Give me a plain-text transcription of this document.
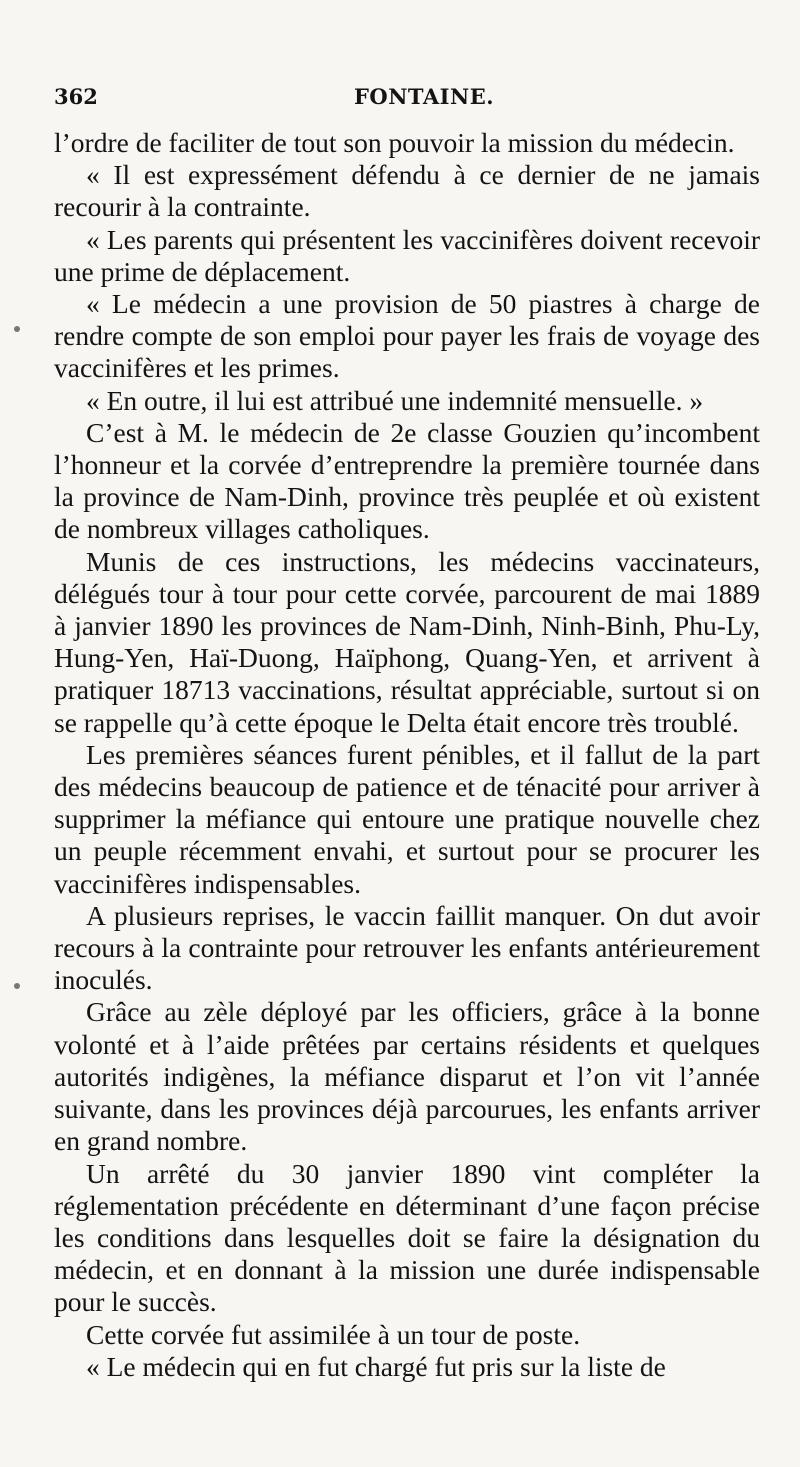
362	FONTAINE.

l’ordre de faciliter de tout son pouvoir la mission du médecin.

« Il est expressément défendu à ce dernier de ne jamais recourir à la contrainte.

« Les parents qui présentent les vaccinifères doivent recevoir une prime de déplacement.

« Le médecin a une provision de 50 piastres à charge de rendre compte de son emploi pour payer les frais de voyage des vaccinifères et les primes.

« En outre, il lui est attribué une indemnité mensuelle. »

C’est à M. le médecin de 2e classe Gouzien qu’incombent l’honneur et la corvée d’entreprendre la première tournée dans la province de Nam-Dinh, province très peuplée et où existent de nombreux villages catholiques.

Munis de ces instructions, les médecins vaccinateurs, délégués tour à tour pour cette corvée, parcourent de mai 1889 à janvier 1890 les provinces de Nam-Dinh, Ninh-Binh, Phu-Ly, Hung-Yen, Haï-Duong, Haïphong, Quang-Yen, et arrivent à pratiquer 18713 vaccinations, résultat appréciable, surtout si on se rappelle qu’à cette époque le Delta était encore très troublé.

Les premières séances furent pénibles, et il fallut de la part des médecins beaucoup de patience et de ténacité pour arriver à supprimer la méfiance qui entoure une pratique nouvelle chez un peuple récemment envahi, et surtout pour se procurer les vaccinifères indispensables.

A plusieurs reprises, le vaccin faillit manquer. On dut avoir recours à la contrainte pour retrouver les enfants antérieurement inoculés.

Grâce au zèle déployé par les officiers, grâce à la bonne volonté et à l’aide prêtées par certains résidents et quelques autorités indigènes, la méfiance disparut et l’on vit l’année suivante, dans les provinces déjà parcourues, les enfants arriver en grand nombre.

Un arrêté du 30 janvier 1890 vint compléter la réglementation précédente en déterminant d’une façon précise les conditions dans lesquelles doit se faire la désignation du médecin, et en donnant à la mission une durée indispensable pour le succès.

Cette corvée fut assimilée à un tour de poste.

« Le médecin qui en fut chargé fut pris sur la liste de
